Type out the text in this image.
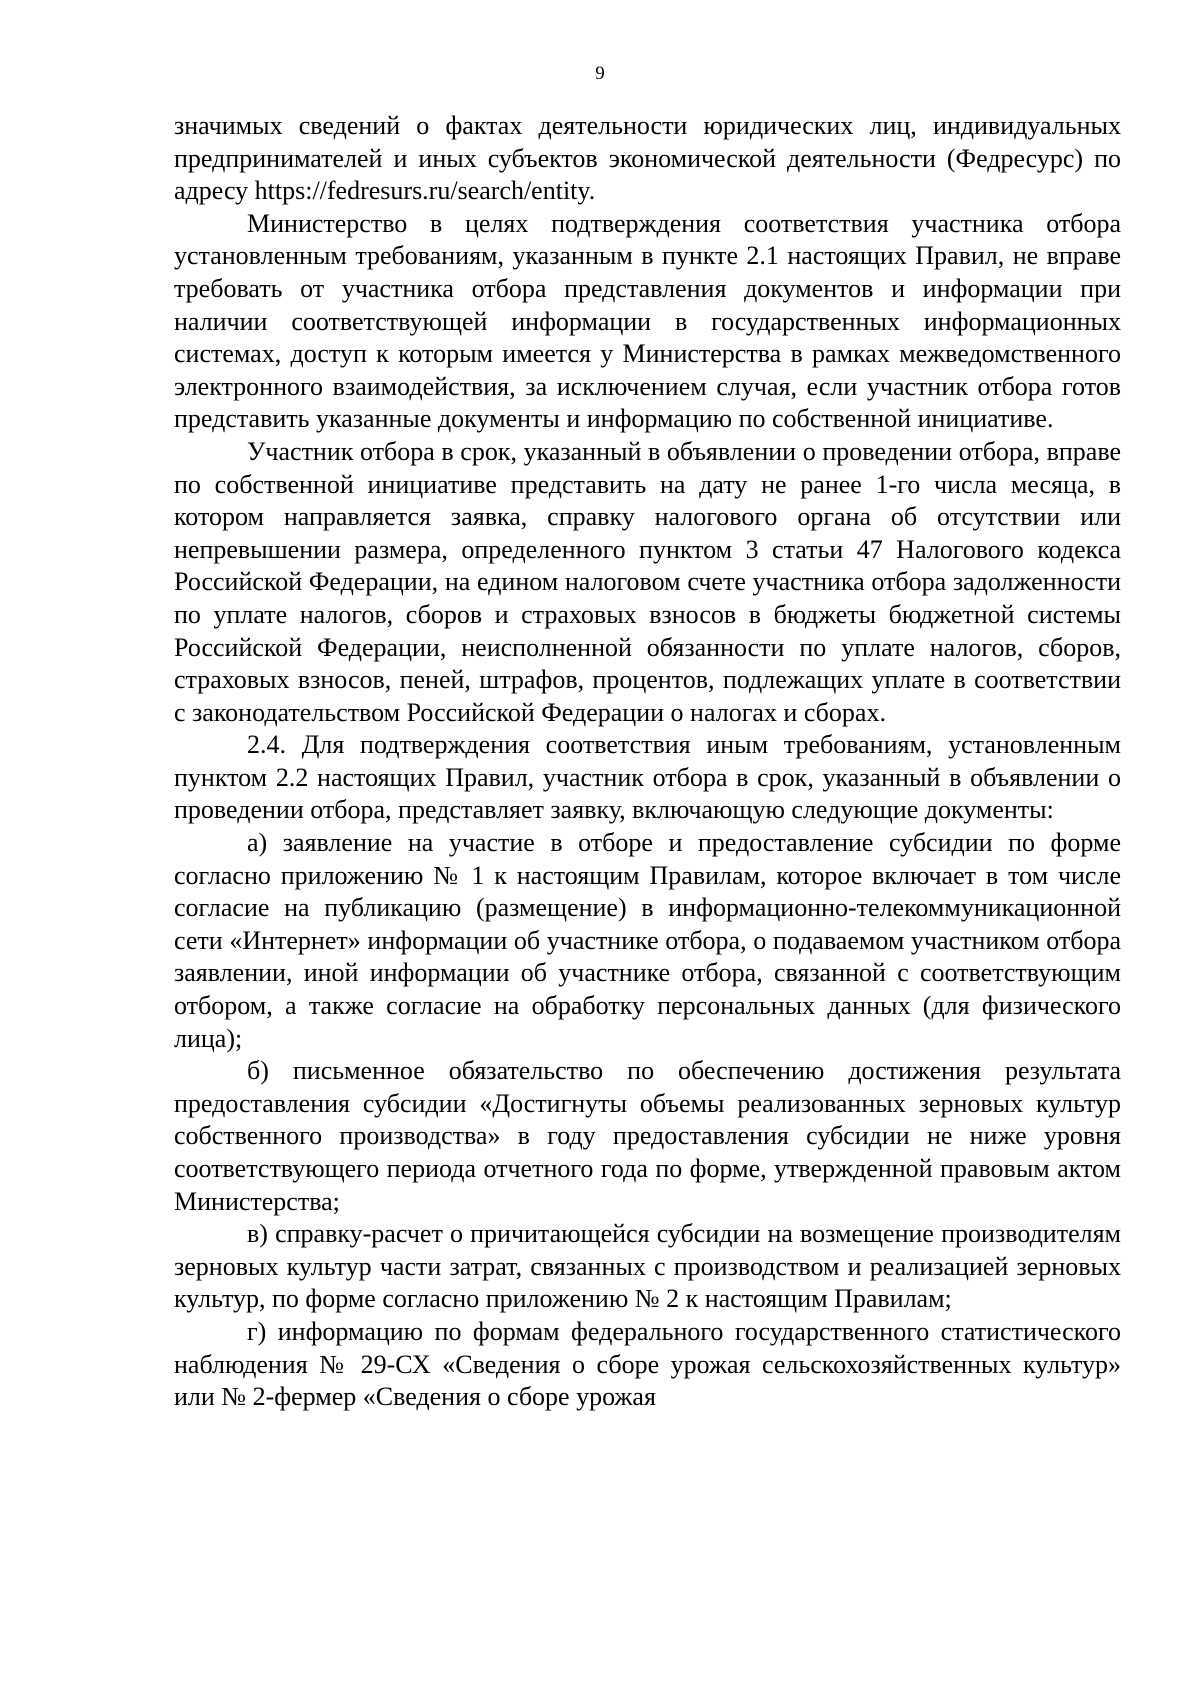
9

значимых сведений о фактах деятельности юридических лиц, индивидуальных предпринимателей и иных субъектов экономической деятельности (Федресурс) по адресу https://fedresurs.ru/search/entity.

Министерство в целях подтверждения соответствия участника отбора установленным требованиям, указанным в пункте 2.1 настоящих Правил, не вправе требовать от участника отбора представления документов и информации при наличии соответствующей информации в государственных информационных системах, доступ к которым имеется у Министерства в рамках межведомственного электронного взаимодействия, за исключением случая, если участник отбора готов представить указанные документы и информацию по собственной инициативе.

Участник отбора в срок, указанный в объявлении о проведении отбора, вправе по собственной инициативе представить на дату не ранее 1-го числа месяца, в котором направляется заявка, справку налогового органа об отсутствии или непревышении размера, определенного пунктом 3 статьи 47 Налогового кодекса Российской Федерации, на едином налоговом счете участника отбора задолженности по уплате налогов, сборов и страховых взносов в бюджеты бюджетной системы Российской Федерации, неисполненной обязанности по уплате налогов, сборов, страховых взносов, пеней, штрафов, процентов, подлежащих уплате в соответствии с законодательством Российской Федерации о налогах и сборах.

2.4. Для подтверждения соответствия иным требованиям, установленным пунктом 2.2 настоящих Правил, участник отбора в срок, указанный в объявлении о проведении отбора, представляет заявку, включающую следующие документы:

а) заявление на участие в отборе и предоставление субсидии по форме согласно приложению № 1 к настоящим Правилам, которое включает в том числе согласие на публикацию (размещение) в информационно-телекоммуникационной сети «Интернет» информации об участнике отбора, о подаваемом участником отбора заявлении, иной информации об участнике отбора, связанной с соответствующим отбором, а также согласие на обработку персональных данных (для физического лица);

б) письменное обязательство по обеспечению достижения результата предоставления субсидии «Достигнуты объемы реализованных зерновых культур собственного производства» в году предоставления субсидии не ниже уровня соответствующего периода отчетного года по форме, утвержденной правовым актом Министерства;

в) справку-расчет о причитающейся субсидии на возмещение производителям зерновых культур части затрат, связанных с производством и реализацией зерновых культур, по форме согласно приложению № 2 к настоящим Правилам;

г) информацию по формам федерального государственного статистического наблюдения № 29-СХ «Сведения о сборе урожая сельскохозяйственных культур» или № 2-фермер «Сведения о сборе урожая
